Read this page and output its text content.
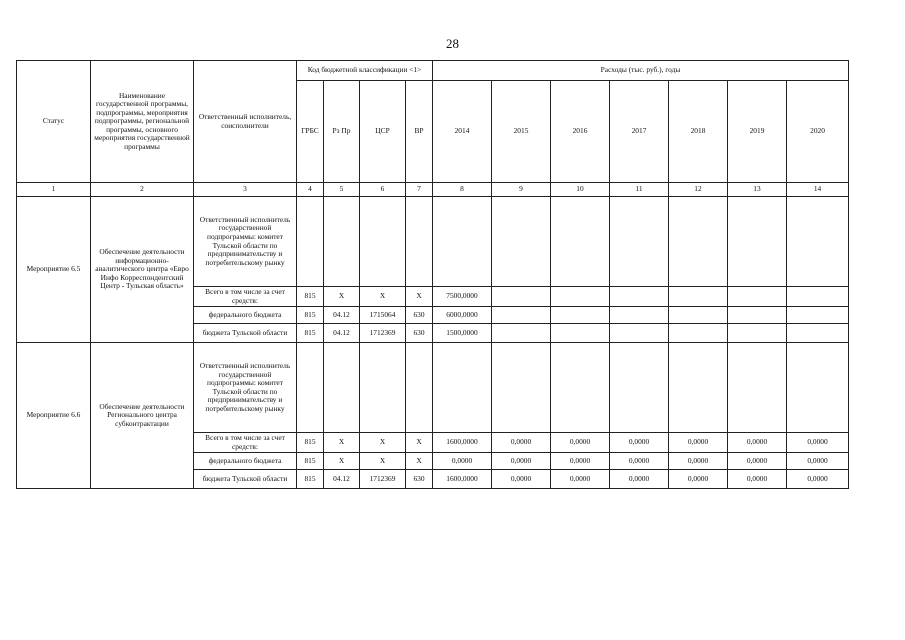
28
Статус	Наименование государственной программы, подпрограммы, мероприятия подпрограммы, региональной программы, основного мероприятия государственной программы	Ответственный исполнитель, соисполнители	Код бюджетной классификации <1>				Расходы (тыс. руб.), годы						
			ГРБС	Рз Пр	ЦСР	ВР	2014	2015	2016	2017	2018	2019	2020
1	2	3	4	5	6	7	8	9	10	11	12	13	14
Мероприятие 6.5	Обеспечение деятельности информационно-аналитического центра «Евро Инфо Корреспондентский Центр - Тульская область»	Ответственный исполнитель государственной подпрограммы: комитет Тульской области по предпринимательству и потребительскому рынку											
		Всего в том числе за счет средств:	815	X	X	X	7500,0000						
		федерального бюджета	815	04.12	1715064	630	6000,0000						
		бюджета Тульской области	815	04.12	1712369	630	1500,0000						
Мероприятие 6.6	Обеспечение деятельности Регионального центра субконтрактации	Ответственный исполнитель государственной подпрограммы: комитет Тульской области по предпринимательству и потребительскому рынку											
		Всего в том числе за счет средств:	815	X	X	X	1600,0000	0,0000	0,0000	0,0000	0,0000	0,0000	0,0000
		федерального бюджета	815	X	X	X	0,0000	0,0000	0,0000	0,0000	0,0000	0,0000	0,0000
		бюджета Тульской области	815	04.12	1712369	630	1600,0000	0,0000	0,0000	0,0000	0,0000	0,0000	0,0000
